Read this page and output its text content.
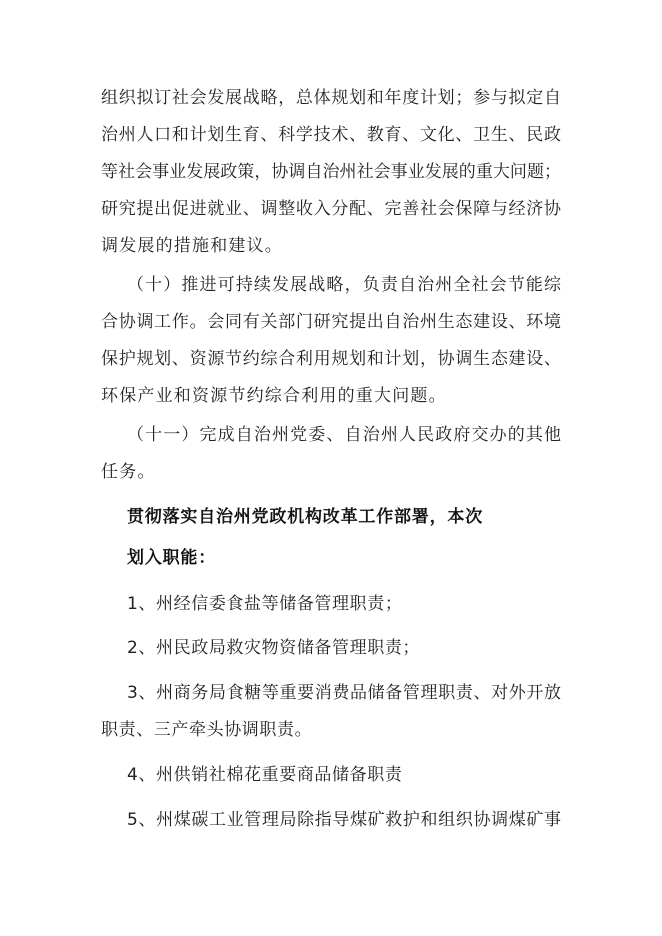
组织拟订社会发展战略，总体规划和年度计划；参与拟定自
治州人口和计划生育、科学技术、教育、文化、卫生、民政
等社会事业发展政策，协调自治州社会事业发展的重大问题；
研究提出促进就业、调整收入分配、完善社会保障与经济协
调发展的措施和建议。
（十）推进可持续发展战略，负责自治州全社会节能综
合协调工作。会同有关部门研究提出自治州生态建设、环境
保护规划、资源节约综合利用规划和计划，协调生态建设、
环保产业和资源节约综合利用的重大问题。
（十一）完成自治州党委、自治州人民政府交办的其他
任务。
贯彻落实自治州党政机构改革工作部署，本次
划入职能：
1、州经信委食盐等储备管理职责；
2、州民政局救灾物资储备管理职责；
3、州商务局食糖等重要消费品储备管理职责、对外开放
职责、三产牵头协调职责。
4、州供销社棉花重要商品储备职责
5、州煤碳工业管理局除指导煤矿救护和组织协调煤矿事
